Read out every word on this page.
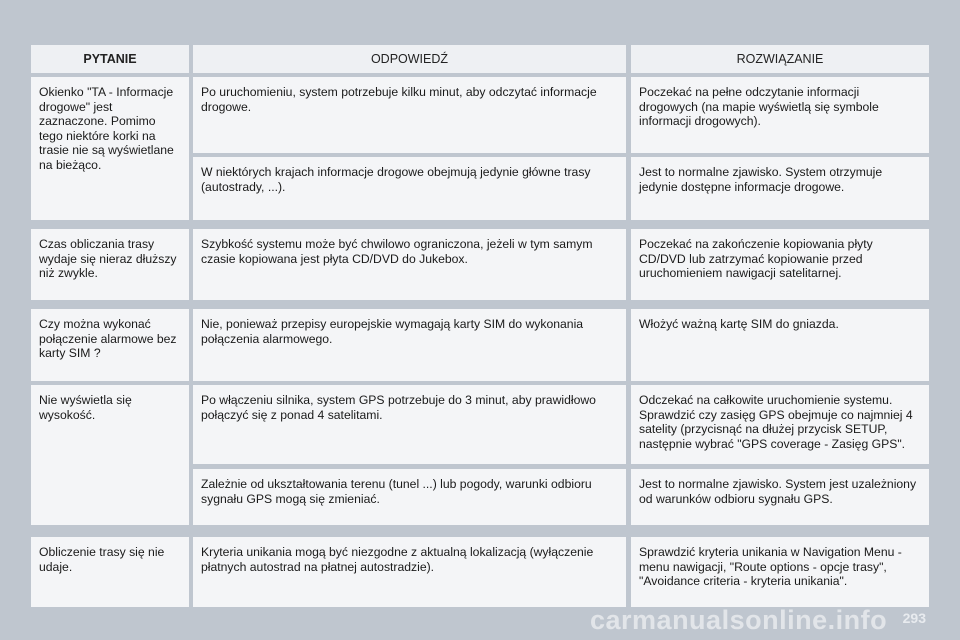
PYTANIE	ODPOWIEDŹ	ROZWIĄZANIE
Okienko "TA - Informacje drogowe" jest zaznaczone. Pomimo tego niektóre korki na trasie nie są wyświetlane na bieżąco.
Po uruchomieniu, system potrzebuje kilku minut, aby odczytać informacje drogowe.
Poczekać na pełne odczytanie informacji drogowych (na mapie wyświetlą się symbole informacji drogowych).
W niektórych krajach informacje drogowe obejmują jedynie główne trasy (autostrady, ...).
Jest to normalne zjawisko. System otrzymuje jedynie dostępne informacje drogowe.
Czas obliczania trasy wydaje się nieraz dłuższy niż zwykle.
Szybkość systemu może być chwilowo ograniczona, jeżeli w tym samym czasie kopiowana jest płyta CD/DVD do Jukebox.
Poczekać na zakończenie kopiowania płyty CD/DVD lub zatrzymać kopiowanie przed uruchomieniem nawigacji satelitarnej.
Czy można wykonać połączenie alarmowe bez karty SIM ?
Nie, ponieważ przepisy europejskie wymagają karty SIM do wykonania połączenia alarmowego.
Włożyć ważną kartę SIM do gniazda.
Nie wyświetla się wysokość.
Po włączeniu silnika, system GPS potrzebuje do 3 minut, aby prawidłowo połączyć się z ponad 4 satelitami.
Odczekać na całkowite uruchomienie systemu. Sprawdzić czy zasięg GPS obejmuje co najmniej 4 satelity (przycisnąć na dłużej przycisk SETUP, następnie wybrać "GPS coverage - Zasięg GPS".
Zależnie od ukształtowania terenu (tunel ...) lub pogody, warunki odbioru sygnału GPS mogą się zmieniać.
Jest to normalne zjawisko. System jest uzależniony od warunków odbioru sygnału GPS.
Obliczenie trasy się nie udaje.
Kryteria unikania mogą być niezgodne z aktualną lokalizacją (wyłączenie płatnych autostrad na płatnej autostradzie).
Sprawdzić kryteria unikania w Navigation Menu - menu nawigacji, "Route options - opcje trasy", "Avoidance criteria - kryteria unikania".
293
carmanualsonline.info
